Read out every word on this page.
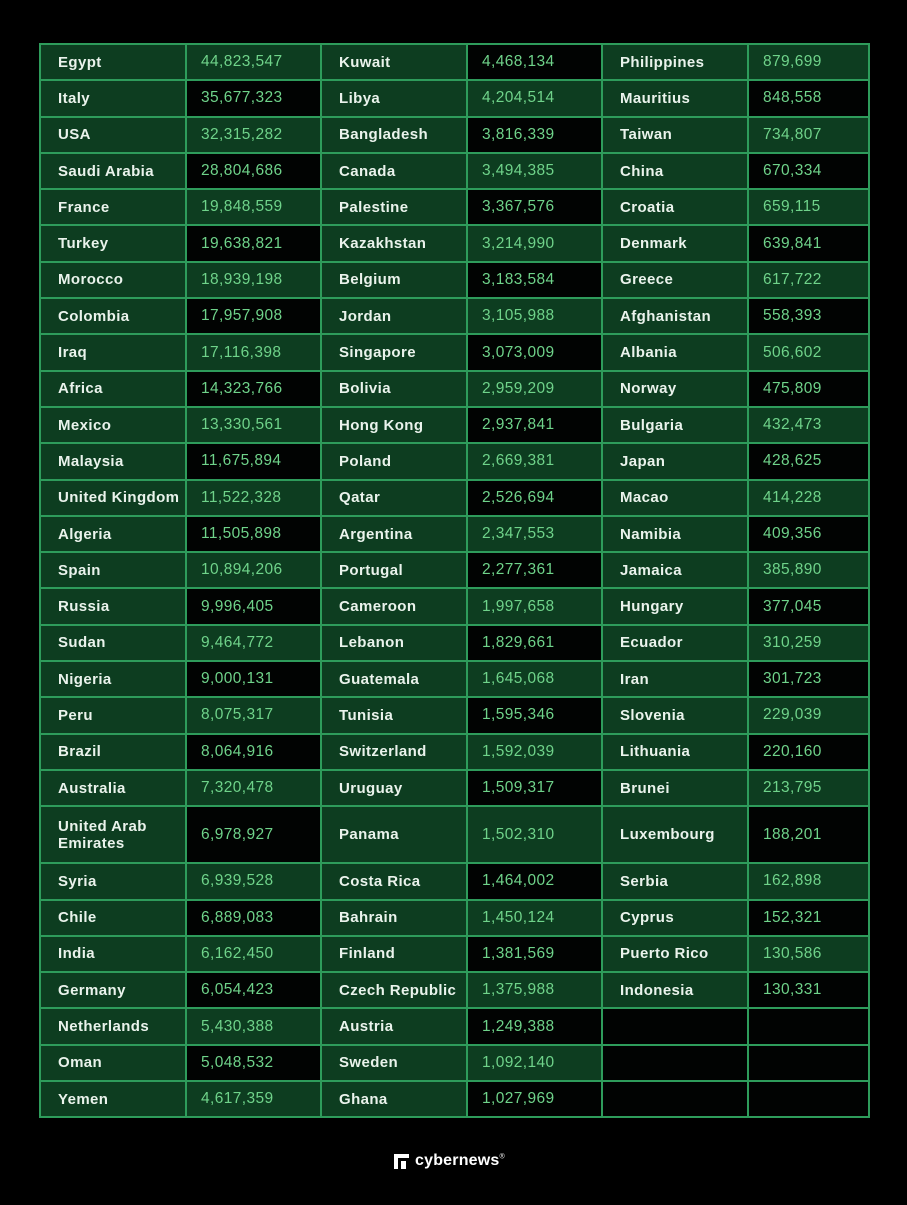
Egypt	44,823,547	Kuwait	4,468,134	Philippines	879,699
Italy	35,677,323	Libya	4,204,514	Mauritius	848,558
USA	32,315,282	Bangladesh	3,816,339	Taiwan	734,807
Saudi Arabia	28,804,686	Canada	3,494,385	China	670,334
France	19,848,559	Palestine	3,367,576	Croatia	659,115
Turkey	19,638,821	Kazakhstan	3,214,990	Denmark	639,841
Morocco	18,939,198	Belgium	3,183,584	Greece	617,722
Colombia	17,957,908	Jordan	3,105,988	Afghanistan	558,393
Iraq	17,116,398	Singapore	3,073,009	Albania	506,602
Africa	14,323,766	Bolivia	2,959,209	Norway	475,809
Mexico	13,330,561	Hong Kong	2,937,841	Bulgaria	432,473
Malaysia	11,675,894	Poland	2,669,381	Japan	428,625
United Kingdom	11,522,328	Qatar	2,526,694	Macao	414,228
Algeria	11,505,898	Argentina	2,347,553	Namibia	409,356
Spain	10,894,206	Portugal	2,277,361	Jamaica	385,890
Russia	9,996,405	Cameroon	1,997,658	Hungary	377,045
Sudan	9,464,772	Lebanon	1,829,661	Ecuador	310,259
Nigeria	9,000,131	Guatemala	1,645,068	Iran	301,723
Peru	8,075,317	Tunisia	1,595,346	Slovenia	229,039
Brazil	8,064,916	Switzerland	1,592,039	Lithuania	220,160
Australia	7,320,478	Uruguay	1,509,317	Brunei	213,795
United Arab Emirates	6,978,927	Panama	1,502,310	Luxembourg	188,201
Syria	6,939,528	Costa Rica	1,464,002	Serbia	162,898
Chile	6,889,083	Bahrain	1,450,124	Cyprus	152,321
India	6,162,450	Finland	1,381,569	Puerto Rico	130,586
Germany	6,054,423	Czech Republic	1,375,988	Indonesia	130,331
Netherlands	5,430,388	Austria	1,249,388		
Oman	5,048,532	Sweden	1,092,140		
Yemen	4,617,359	Ghana	1,027,969		
cybernews®
